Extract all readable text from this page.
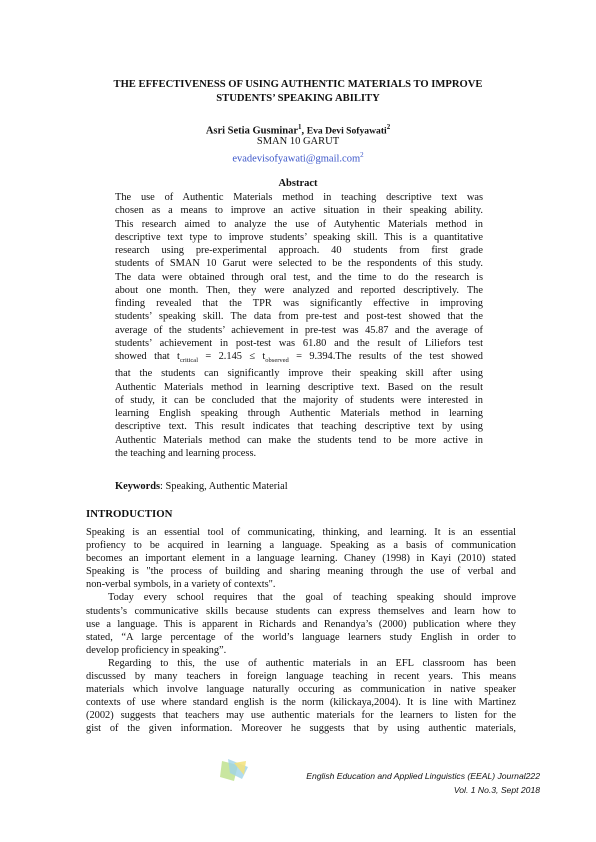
THE EFFECTIVENESS OF USING AUTHENTIC MATERIALS TO IMPROVE
STUDENTS’ SPEAKING ABILITY
Asri Setia Gusminar$^1$, Eva Devi Sofyawati$^2$
SMAN 10 GARUT
evadevisofyawati@gmail.com$^2$
Abstract
The use of Authentic Materials method in teaching descriptive text was
chosen as a means to improve an active situation in their speaking ability.
This research aimed to analyze the use of Autyhentic Materials method in
descriptive text type to improve students’ speaking skill. This is a quantitative
research using pre-experimental approach. 40 students from first grade
students of SMAN 10 Garut were selected to be the respondents of this study.
The data were obtained through oral test, and the time to do the research is
about one month. Then, they were analyzed and reported descriptively. The
finding revealed that the TPR was significantly effective in improving
students’ speaking skill. The data from pre-test and post-test showed that the
average of the students’ achievement in pre-test was 45.87 and the average of
students’ achievement in post-test was 61.80 and the result of Liliefors test
showed that $t_{critical} = 2.145 \le t_{observed} = 9.394.The$ results of the test showed
that the students can significantly improve their speaking skill after using
Authentic Materials method in learning descriptive text. Based on the result
of study, it can be concluded that the majority of students were interested in
learning English speaking through Authentic Materials method in learning
descriptive text. This result indicates that teaching descriptive text by using
Authentic Materials method can make the students tend to be more active in
the teaching and learning process.
Keywords: Speaking, Authentic Material
INTRODUCTION
Speaking is an essential tool of communicating, thinking, and learning. It is an essential
profiency to be acquired in learning a language. Speaking as a basis of communication
becomes an important element in a language learning. Chaney (1998) in Kayi (2010) stated
Speaking is "the process of building and sharing meaning through the use of verbal and
non-verbal symbols, in a variety of contexts".
Today every school requires that the goal of teaching speaking should improve
students’s communicative skills because students can express themselves and learn how to
use a language. This is apparent in Richards and Renandya’s (2000) publication where they
stated, “A large percentage of the world’s language learners study English in order to
develop proficiency in speaking”.
Regarding to this, the use of authentic materials in an EFL classroom has been
discussed by many teachers in foreign language teaching in recent years. This means
materials which involve language naturally occuring as communication in native speaker
contexts of use where standard english is the norm (kilickaya,2004). It is line with Martinez
(2002) suggests that teachers may use authentic materials for the learners to listen for the
gist of the given information. Moreover he suggests that by using authentic materials,
English Education and Applied Linguistics (EEAL) Journal222
Vol. 1 No.3, Sept 2018
